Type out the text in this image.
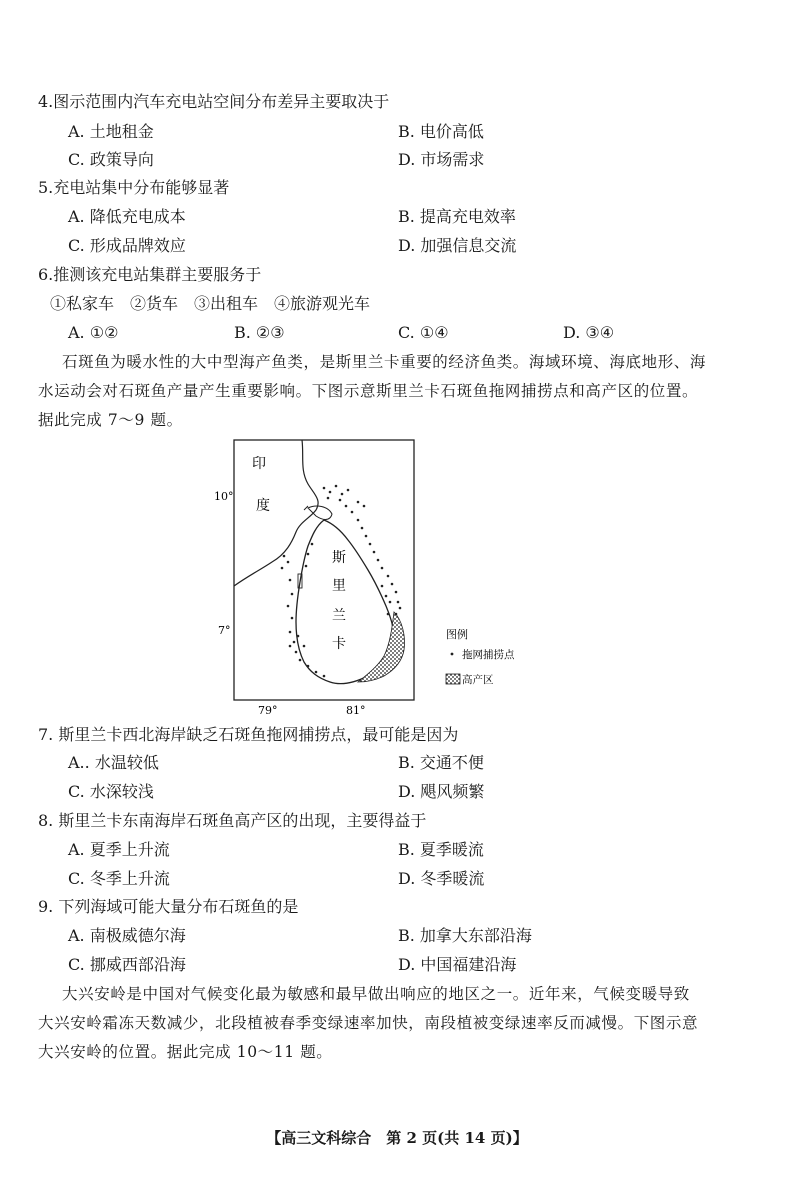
4.图示范围内汽车充电站空间分布差异主要取决于
A. 土地租金	B. 电价高低
C. 政策导向	D. 市场需求
5.充电站集中分布能够显著
A. 降低充电成本	B. 提高充电效率
C. 形成品牌效应	D. 加强信息交流
6.推测该充电站集群主要服务于
①私家车　②货车　③出租车　④旅游观光车
A. ①②	B. ②③	C. ①④	D. ③④
石斑鱼为暖水性的大中型海产鱼类，是斯里兰卡重要的经济鱼类。海域环境、海底地形、海
水运动会对石斑鱼产量产生重要影响。下图示意斯里兰卡石斑鱼拖网捕捞点和高产区的位置。
据此完成 7～9 题。
印
度
斯
里
兰
卡
10°
7°
79°	81°
图例
拖网捕捞点
高产区
7. 斯里兰卡西北海岸缺乏石斑鱼拖网捕捞点，最可能是因为
A.. 水温较低	B. 交通不便
C. 水深较浅	D. 飓风频繁
8. 斯里兰卡东南海岸石斑鱼高产区的出现，主要得益于
A. 夏季上升流	B. 夏季暖流
C. 冬季上升流	D. 冬季暖流
9. 下列海域可能大量分布石斑鱼的是
A. 南极威德尔海	B. 加拿大东部沿海
C. 挪威西部沿海	D. 中国福建沿海
大兴安岭是中国对气候变化最为敏感和最早做出响应的地区之一。近年来，气候变暖导致
大兴安岭霜冻天数减少，北段植被春季变绿速率加快，南段植被变绿速率反而减慢。下图示意
大兴安岭的位置。据此完成 10～11 题。
【高三文科综合　第 2 页(共 14 页)】
